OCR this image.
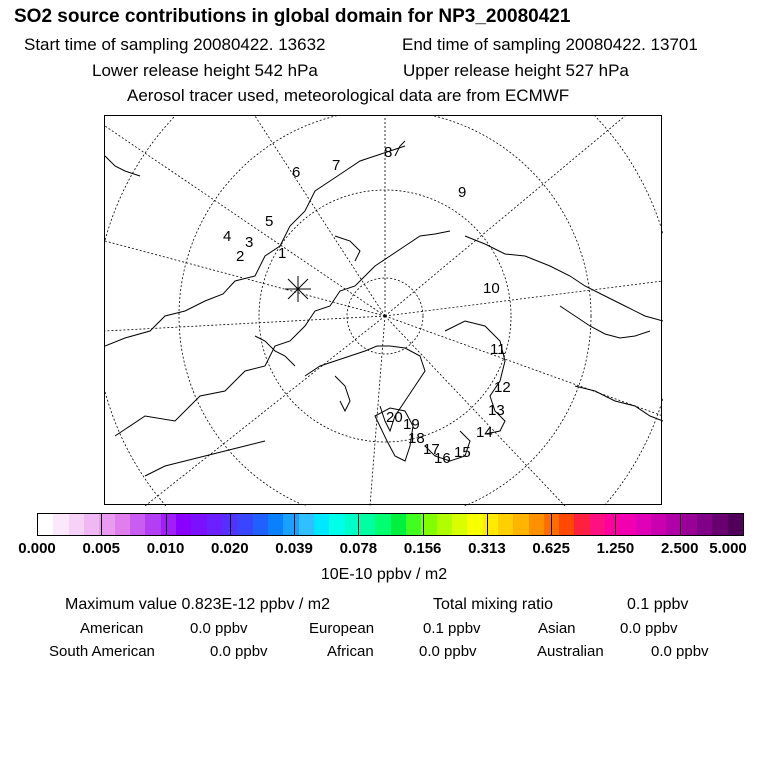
SO2 source contributions in global domain for NP3_20080421
Start time of sampling 20080422. 13632	End time of sampling 20080422. 13701
Lower release height 542 hPa	Upper release height 527 hPa
Aerosol tracer used, meteorological data are from ECMWF
1
2
3
4
5
6 7
8
9
10
11
12
13
14
15
16
17
18
19
20
0.000 0.005 0.010 0.020 0.039 0.078 0.156 0.313 0.625 1.250 2.500 5.000
10E-10 ppbv / m2
Maximum value 0.823E-12 ppbv / m2	Total mixing ratio	0.1 ppbv
American	0.0 ppbv	European	0.1 ppbv	Asian	0.0 ppbv
South American	0.0 ppbv	African	0.0 ppbv	Australian	0.0 ppbv
